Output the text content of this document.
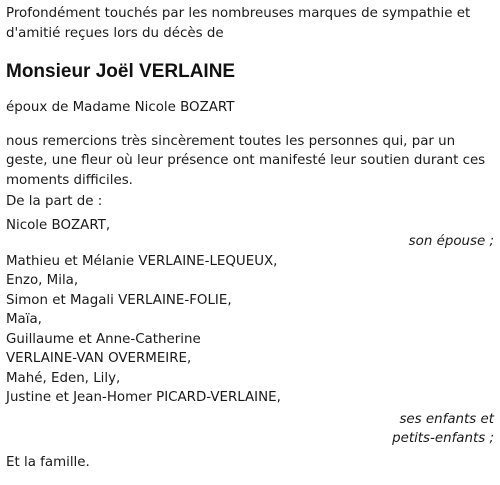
Profondément touchés par les nombreuses marques de sympathie et
d'amitié reçues lors du décès de

Monsieur Joël VERLAINE

époux de Madame Nicole BOZART

nous remercions très sincèrement toutes les personnes qui, par un
geste, une fleur où leur présence ont manifesté leur soutien durant ces
moments difficiles.

De la part de :

Nicole BOZART,
son épouse ;
Mathieu et Mélanie VERLAINE-LEQUEUX,
Enzo, Mila,
Simon et Magali VERLAINE-FOLIE,
Maïa,
Guillaume et Anne-Catherine
VERLAINE-VAN OVERMEIRE,
Mahé, Eden, Lily,
Justine et Jean-Homer PICARD-VERLAINE,
ses enfants et
petits-enfants ;
Et la famille.
